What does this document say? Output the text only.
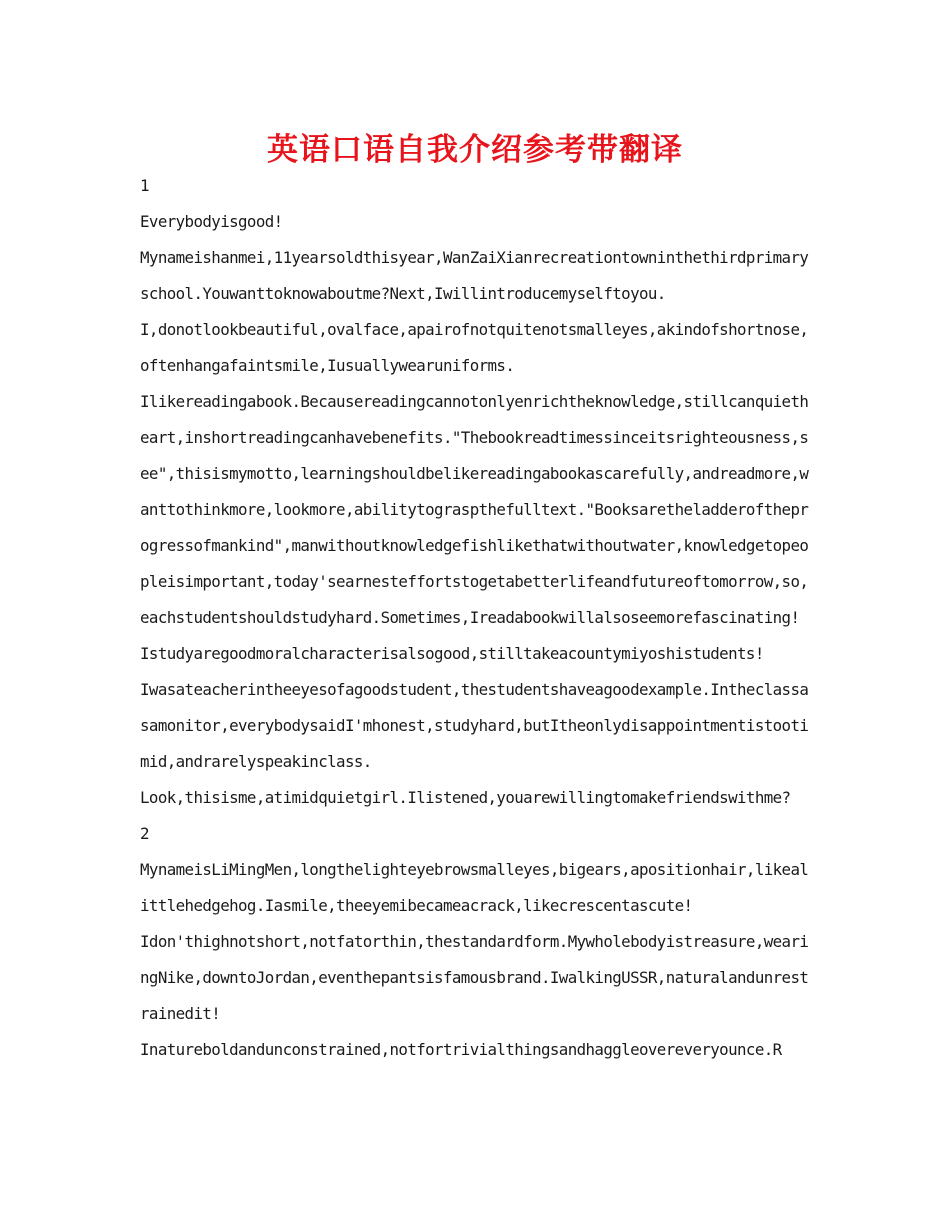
英语口语自我介绍参考带翻译

1

Everybodyisgood!

Mynameishanmei,11yearsoldthisyear,WanZaiXianrecreationtowninthethirdprimaryschool.Youwanttoknowaboutme?Next,Iwillintroducemyselftoyou.

I,donotlookbeautiful,ovalface,apairofnotquitenotsmalleyes,akindofshortnose,oftenhangafaintsmile,Iusuallywearuniforms.

Ilikereadingabook.Becausereadingcannotonlyenrichtheknowledge,stillcanquietheart,inshortreadingcanhavebenefits."Thebookreadtimessinceitsrighteousness,see",thisismymotto,learningshouldbelikereadingabookascarefully,andreadmore,wanttothinkmore,lookmore,abilitytograspthefulltext."Booksaretheladderoftheprogressofmankind",manwithoutknowledgefishlikethatwithoutwater,knowledgetopeopleisimportant,today'searnesteffortstogetabetterlifeandfutureoftomorrow,so,eachstudentshouldstudyhard.Sometimes,Ireadabookwillalsoseemorefascinating!

Istudyaregoodmoralcharacterisalsogood,stilltakeacountymiyoshistudents!

Iwasateacherintheeyesofagoodstudent,thestudentshaveagoodexample.Intheclassasamonitor,everybodysaidI'mhonest,studyhard,butItheonlydisappointmentistootimid,andrarelyspeakinclass.

Look,thisisme,atimidquietgirl.Ilistened,youarewillingtomakefriendswithme?

2

MynameisLiMingMen,longthelighteyebrowsmalleyes,bigears,apositionhair,likealittlehedgehog.Iasmile,theeyemibecameacrack,likecrescentascute!

Idon'thighnotshort,notfatorthin,thestandardform.Mywholebodyistreasure,wearingNike,downtoJordan,eventhepantsisfamousbrand.IwalkingUSSR,naturalandunrestrainedit!

Inatureboldandunconstrained,notfortrivialthingsandhaggleovereveryounce.R
